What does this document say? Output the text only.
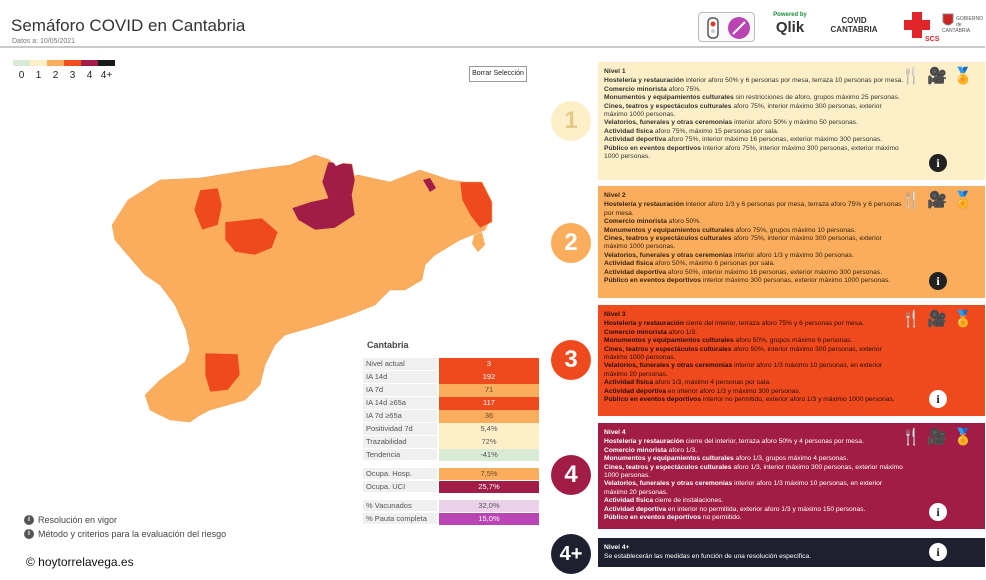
Semáforo COVID en Cantabria
Datos a: 10/05/2021
Powered by
Qlik	COVID
CANTABRIA
SCS
GOBIERNO de CANTABRIA
0	1	2	3	4 4+	Borrar Selección
Cantabria
Nivel actual	3
IA 14d	192
IA 7d	71
IA 14d ≥65a	117
IA 7d ≥65a	36
Positividad 7d	5,4%
Trazabilidad	72%
Tendencia	-41%
Ocupa. Hosp.	7,5%
Ocupa. UCI	25,7%
% Vacunados	32,0%
% Pauta completa	15,0%
i Resolución en vigor
i Método y criterios para la evaluación del riesgo
© hoytorrelavega.es
1
Nivel 1
Hostelería y restauración interior aforo 50% y 6 personas por mesa, terraza 10 personas por mesa.
Comercio minorista aforo 75%.
Monumentos y equipamientos culturales sin restricciones de aforo, grupos máximo 25 personas.
Cines, teatros y espectáculos culturales aforo 75%, interior máximo 300 personas, exterior máximo 1000 personas.
Velatorios, funerales y otras ceremonias interior aforo 50% y máximo 50 personas.
Actividad física aforo 75%, máximo 15 personas por sala.
Actividad deportiva aforo 75%, interior máximo 16 personas, exterior máximo 300 personas.
Público en eventos deportivos interior aforo 75%, interior máximo 300 personas, exterior máximo 1000 personas.
🍴 🎥 🏅
i
2
Nivel 2
Hostelería y restauración interior aforo 1/3 y 6 personas por mesa, terraza aforo 75% y 6 personas por mesa.
Comercio minorista aforo 50%.
Monumentos y equipamientos culturales aforo 75%, grupos máximo 10 personas.
Cines, teatros y espectáculos culturales aforo 75%, interior máximo 300 personas, exterior máximo 1000 personas.
Velatorios, funerales y otras ceremonias interior aforo 1/3 y máximo 30 personas.
Actividad física aforo 50%, máximo 6 personas por sala.
Actividad deportiva aforo 50%, interior máximo 16 personas, exterior máximo 300 personas.
Público en eventos deportivos interior máximo 300 personas, exterior máximo 1000 personas.
🍴 🎥 🏅
i
3
Nivel 3
Hostelería y restauración cierre del interior, terraza aforo 75% y 6 personas por mesa.
Comercio minorista aforo 1/3.
Monumentos y equipamientos culturales aforo 50%, grupos máximo 6 personas.
Cines, teatros y espectáculos culturales aforo 50%, interior máximo 300 personas, exterior máximo 1000 personas.
Velatorios, funerales y otras ceremonias interior aforo 1/3 máximo 10 personas, en exterior máximo 20 personas.
Actividad física aforo 1/3, máximo 4 personas por sala.
Actividad deportiva en interior aforo 1/3 y máximo 300 personas.
Público en eventos deportivos interior no permitido, exterior aforo 1/3 y máximo 1000 personas.
🍴 🎥 🏅
i
4
Nivel 4
Hostelería y restauración cierre del interior, terraza aforo 50% y 4 personas por mesa.
Comercio minorista aforo 1/3.
Monumentos y equipamientos culturales aforo 1/3, grupos máximo 4 personas.
Cines, teatros y espectáculos culturales aforo 1/3, interior máximo 300 personas, exterior máximo 1000 personas.
Velatorios, funerales y otras ceremonias interior aforo 1/3 máximo 10 personas, en exterior máximo 20 personas.
Actividad física cierre de instalaciones.
Actividad deportiva en interior no permitida, exterior aforo 1/3 y máximo 150 personas.
Público en eventos deportivos no permitido.
🍴 🎥 🏅
i
4+	Nivel 4+
Se establecerán las medidas en función de una resolución específica.	i
